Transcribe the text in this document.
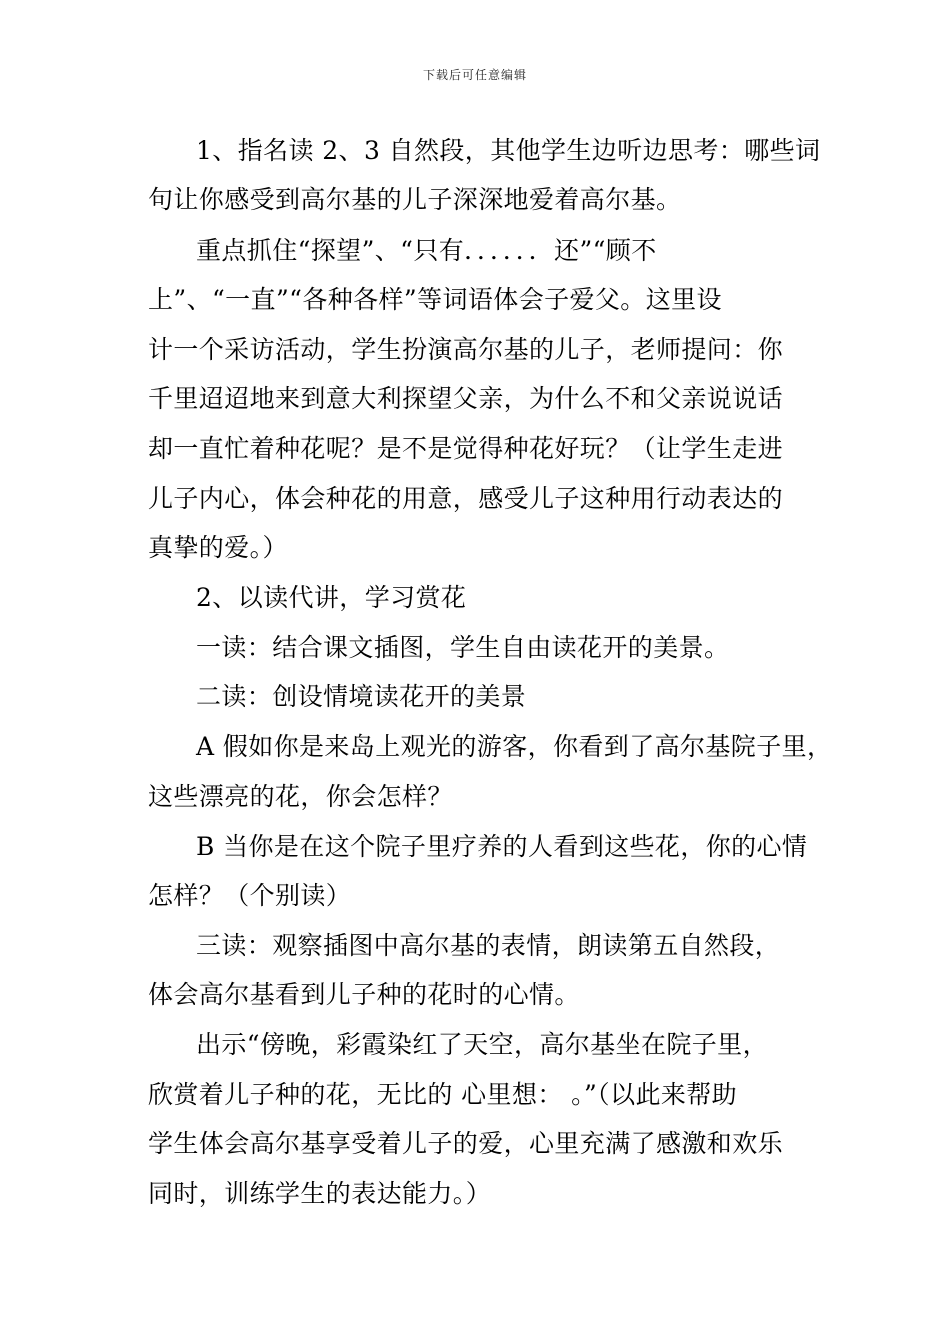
下载后可任意编辑
1、指名读 2、3 自然段，其他学生边听边思考：哪些词
句让你感受到高尔基的儿子深深地爱着高尔基。
重点抓住“探望”、“只有．．．．．．还”“顾不
上”、“一直”“各种各样”等词语体会子爱父。这里设
计一个采访活动，学生扮演高尔基的儿子，老师提问：你
千里迢迢地来到意大利探望父亲，为什么不和父亲说说话
却一直忙着种花呢？是不是觉得种花好玩？（让学生走进
儿子内心，体会种花的用意，感受儿子这种用行动表达的
真挚的爱。）
2、以读代讲，学习赏花
一读：结合课文插图，学生自由读花开的美景。
二读：创设情境读花开的美景
A 假如你是来岛上观光的游客，你看到了高尔基院子里，
这些漂亮的花，你会怎样？
B 当你是在这个院子里疗养的人看到这些花，你的心情
怎样？（个别读）
三读：观察插图中高尔基的表情，朗读第五自然段，
体会高尔基看到儿子种的花时的心情。
出示“傍晚，彩霞染红了天空，高尔基坐在院子里，
欣赏着儿子种的花，无比的 心里想： 。”（以此来帮助
学生体会高尔基享受着儿子的爱，心里充满了感激和欢乐
同时，训练学生的表达能力。）
